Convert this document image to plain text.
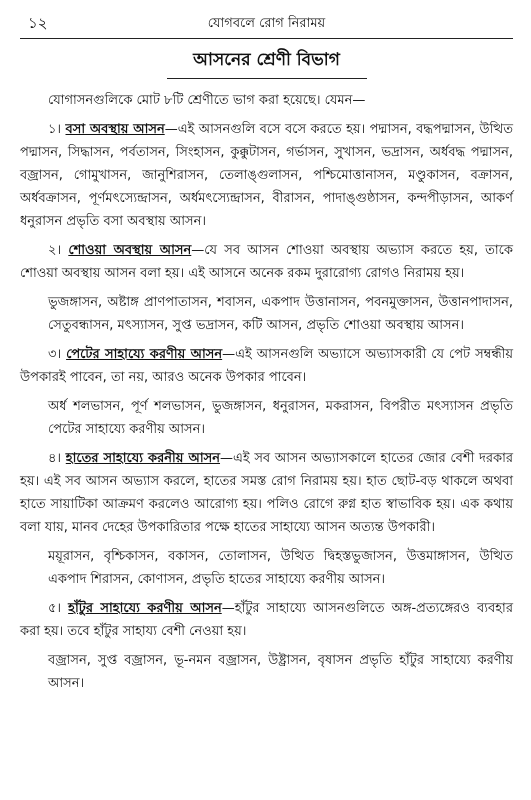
১২	যোগবলে রোগ নিরাময়
আসনের শ্রেণী বিভাগ

যোগাসনগুলিকে মোট ৮টি শ্রেণীতে ভাগ করা হয়েছে। যেমন—

১। বসা অবস্থায় আসন—এই আসনগুলি বসে বসে করতে হয়। পদ্মাসন, বদ্ধপদ্মাসন, উত্থিত পদ্মাসন, সিদ্ধাসন, পর্বতাসন, সিংহাসন, কুক্কুটাসন, গর্ভাসন, সুখাসন, ভদ্রাসন, অর্ধবদ্ধ পদ্মাসন, বজ্রাসন, গোমুখাসন, জানুশিরাসন, তেলাঙ্গুলাসন, পশ্চিমোত্তানাসন, মণ্ডুকাসন, বক্রাসন, অর্ধবক্রাসন, পূর্ণমৎস্যেন্দ্রাসন, অর্ধমৎস্যেন্দ্রাসন, বীরাসন, পাদাঙ্গুষ্ঠাসন, কন্দপীড়াসন, আকর্ণ ধনুরাসন প্রভৃতি বসা অবস্থায় আসন।

২। শোওয়া অবস্থায় আসন—যে সব আসন শোওয়া অবস্থায় অভ্যাস করতে হয়, তাকে শোওয়া অবস্থায় আসন বলা হয়। এই আসনে অনেক রকম দুরারোগ্য রোগও নিরাময় হয়।

ভুজঙ্গাসন, অষ্টাঙ্গ প্রাণপাতাসন, শবাসন, একপাদ উত্তানাসন, পবনমুক্তাসন, উত্তানপাদাসন, সেতুবন্ধাসন, মৎস্যাসন, সুপ্ত ভদ্রাসন, কটি আসন, প্রভৃতি শোওয়া অবস্থায় আসন।

৩। পেটের সাহায্যে করণীয় আসন—এই আসনগুলি অভ্যাসে অভ্যাসকারী যে পেট সম্বন্ধীয় উপকারই পাবেন, তা নয়, আরও অনেক উপকার পাবেন।

অর্ধ শলভাসন, পূর্ণ শলভাসন, ভুজঙ্গাসন, ধনুরাসন, মকরাসন, বিপরীত মৎস্যাসন প্রভৃতি পেটের সাহায্যে করণীয় আসন।

৪। হাতের সাহায্যে করনীয় আসন—এই সব আসন অভ্যাসকালে হাতের জোর বেশী দরকার হয়। এই সব আসন অভ্যাস করলে, হাতের সমস্ত রোগ নিরাময় হয়। হাত ছোট-বড় থাকলে অথবা হাতে সায়াটিকা আক্রমণ করলেও আরোগ্য হয়। পলিও রোগে রুগ্ন হাত স্বাভাবিক হয়। এক কথায় বলা যায়, মানব দেহের উপকারিতার পক্ষে হাতের সাহায্যে আসন অত্যন্ত উপকারী।

ময়ূরাসন, বৃশ্চিকাসন, বকাসন, তোলাসন, উত্থিত দ্বিহস্তভুজাসন, উত্তমাঙ্গাসন, উত্থিত একপাদ শিরাসন, কোণাসন, প্রভৃতি হাতের সাহায্যে করণীয় আসন।

৫। হাঁটুর সাহায্যে করণীয় আসন—হাঁটুর সাহায্যে আসনগুলিতে অঙ্গ-প্রত্যঙ্গেরও ব্যবহার করা হয়। তবে হাঁটুর সাহায্য বেশী নেওয়া হয়।

বজ্রাসন, সুপ্ত বজ্রাসন, ভূ-নমন বজ্রাসন, উষ্ট্রাসন, বৃষাসন প্রভৃতি হাঁটুর সাহায্যে করণীয় আসন।
